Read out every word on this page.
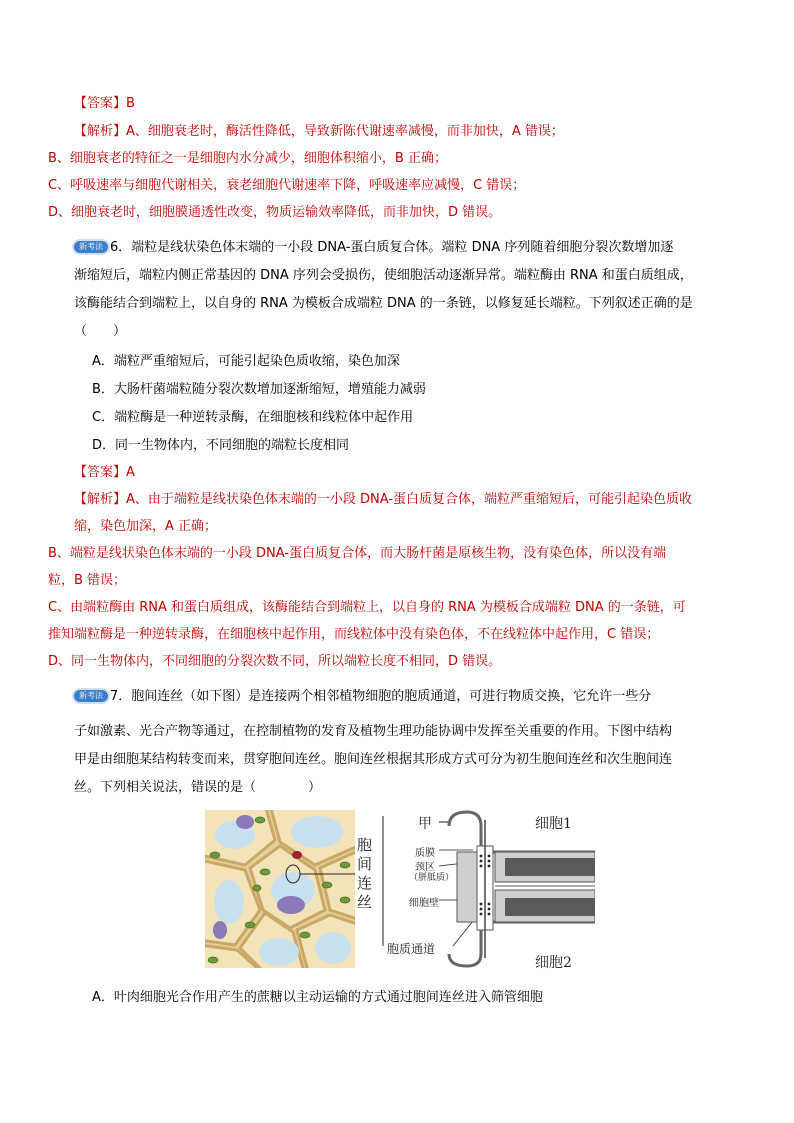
【答案】B
【解析】A、细胞衰老时，酶活性降低，导致新陈代谢速率减慢，而非加快，A 错误；
B、细胞衰老的特征之一是细胞内水分减少，细胞体积缩小，B 正确；
C、呼吸速率与细胞代谢相关，衰老细胞代谢速率下降，呼吸速率应减慢，C 错误；
D、细胞衰老时，细胞膜通透性改变，物质运输效率降低，而非加快，D 错误。
新考法 6．端粒是线状染色体末端的一小段 DNA-蛋白质复合体。端粒 DNA 序列随着细胞分裂次数增加逐
渐缩短后，端粒内侧正常基因的 DNA 序列会受损伤，使细胞活动逐渐异常。端粒酶由 RNA 和蛋白质组成，
该酶能结合到端粒上，以自身的 RNA 为模板合成端粒 DNA 的一条链，以修复延长端粒。下列叙述正确的是
（　　）
A．端粒严重缩短后，可能引起染色质收缩，染色加深
B．大肠杆菌端粒随分裂次数增加逐渐缩短，增殖能力减弱
C．端粒酶是一种逆转录酶，在细胞核和线粒体中起作用
D．同一生物体内，不同细胞的端粒长度相同
【答案】A
【解析】A、由于端粒是线状染色体末端的一小段 DNA-蛋白质复合体，端粒严重缩短后，可能引起染色质收
缩，染色加深，A 正确；
B、端粒是线状染色体末端的一小段 DNA-蛋白质复合体，而大肠杆菌是原核生物，没有染色体，所以没有端
粒，B 错误；
C、由端粒酶由 RNA 和蛋白质组成，该酶能结合到端粒上，以自身的 RNA 为模板合成端粒 DNA 的一条链，可
推知端粒酶是一种逆转录酶，在细胞核中起作用，而线粒体中没有染色体，不在线粒体中起作用，C 错误；
D、同一生物体内，不同细胞的分裂次数不同，所以端粒长度不相同，D 错误。
新考法 7．胞间连丝（如下图）是连接两个相邻植物细胞的胞质通道，可进行物质交换，它允许一些分
子如激素、光合产物等通过，在控制植物的发育及植物生理功能协调中发挥至关重要的作用。下图中结构
甲是由细胞某结构转变而来，贯穿胞间连丝。胞间连丝根据其形成方式可分为初生胞间连丝和次生胞间连
丝。下列相关说法，错误的是（　　　　）
胞间连丝
甲
质膜
颈区
（胼胝质）
细胞壁
胞质通道
细胞1
细胞2
A．叶肉细胞光合作用产生的蔗糖以主动运输的方式通过胞间连丝进入筛管细胞
